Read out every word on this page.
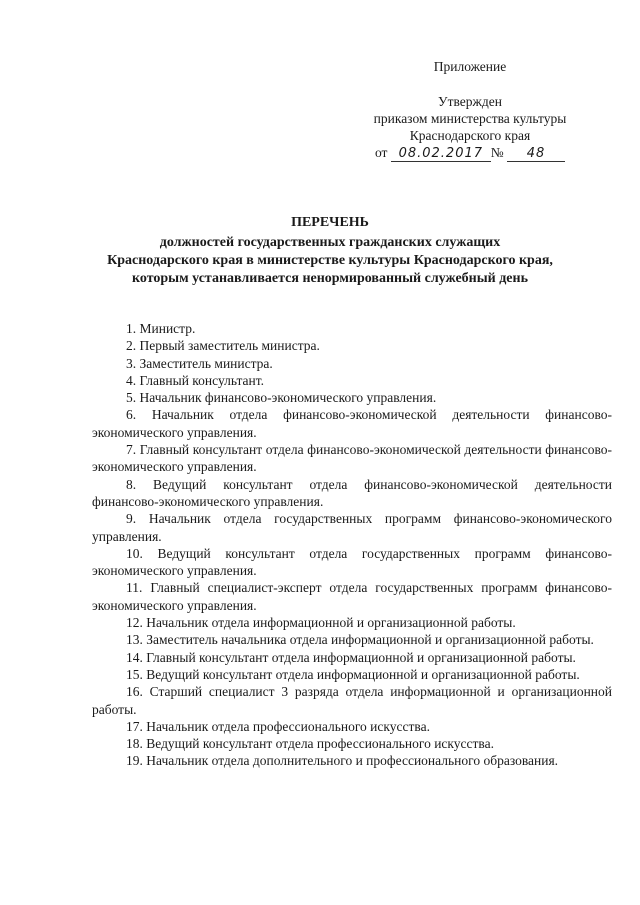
Приложение
Утвержден
приказом министерства культуры
Краснодарского края
от 08.02.2017 № 48
ПЕРЕЧЕНЬ
должностей государственных гражданских служащих
Краснодарского края в министерстве культуры Краснодарского края,
которым устанавливается ненормированный служебный день
1. Министр.
2. Первый заместитель министра.
3. Заместитель министра.
4. Главный консультант.
5. Начальник финансово-экономического управления.
6. Начальник отдела финансово-экономической деятельности финансово-экономического управления.
7. Главный консультант отдела финансово-экономической деятельности финансово-экономического управления.
8. Ведущий консультант отдела финансово-экономической деятельности финансово-экономического управления.
9. Начальник отдела государственных программ финансово-экономического управления.
10. Ведущий консультант отдела государственных программ финансово-экономического управления.
11. Главный специалист-эксперт отдела государственных программ финансово-экономического управления.
12. Начальник отдела информационной и организационной работы.
13. Заместитель начальника отдела информационной и организационной работы.
14. Главный консультант отдела информационной и организационной работы.
15. Ведущий консультант отдела информационной и организационной работы.
16. Старший специалист 3 разряда отдела информационной и организационной работы.
17. Начальник отдела профессионального искусства.
18. Ведущий консультант отдела профессионального искусства.
19. Начальник отдела дополнительного и профессионального образования.
